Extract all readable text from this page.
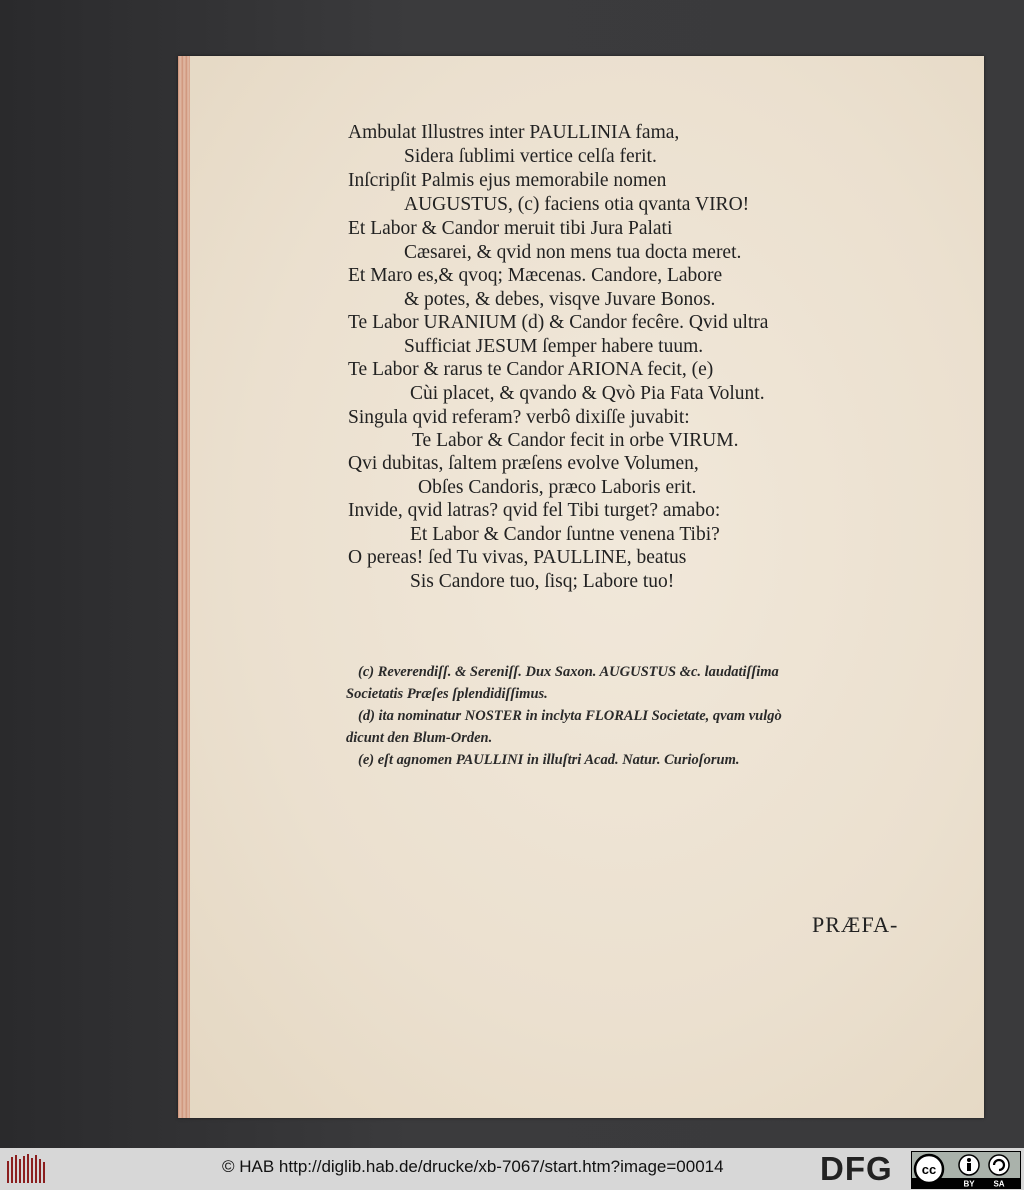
Ambulat Illustres inter PAULLINIA fama,
Sidera ſublimi vertice celſa ferit.
Inſcripſit Palmis ejus memorabile nomen
AUGUSTUS, (c) faciens otia qvanta VIRO!
Et Labor & Candor meruit tibi Jura Palati
Cæsarei, & qvid non mens tua docta meret.
Et Maro es,& qvoq; Mæcenas. Candore, Labore
& potes, & debes, visqve Juvare Bonos.
Te Labor URANIUM (d) & Candor fecêre. Qvid ultra
Sufficiat JESUM ſemper habere tuum.
Te Labor & rarus te Candor ARIONA fecit, (e)
Cùi placet, & qvando & Qvò Pia Fata Volunt.
Singula qvid referam? verbô dixiſſe juvabit:
Te Labor & Candor fecit in orbe VIRUM.
Qvi dubitas, ſaltem præſens evolve Volumen,
Obſes Candoris, præco Laboris erit.
Invide, qvid latras? qvid fel Tibi turget? amabo:
Et Labor & Candor ſuntne venena Tibi?
O pereas! ſed Tu vivas, PAULLINE, beatus
Sis Candore tuo, ſisq; Labore tuo!
(c) Reverendiſſ. & Sereniſſ. Dux Saxon. AUGUSTUS &c. laudatiſſima
Societatis Præſes ſplendidiſſimus.
(d) ita nominatur NOSTER in inclyta FLORALI Societate, qvam vulgò
dicunt den Blum-Orden.
(e) eſt agnomen PAULLINI in illuſtri Acad. Natur. Curioſorum.
PRÆFA-
© HAB http://diglib.hab.de/drucke/xb-7067/start.htm?image=00014	DFG cc
BY SA
